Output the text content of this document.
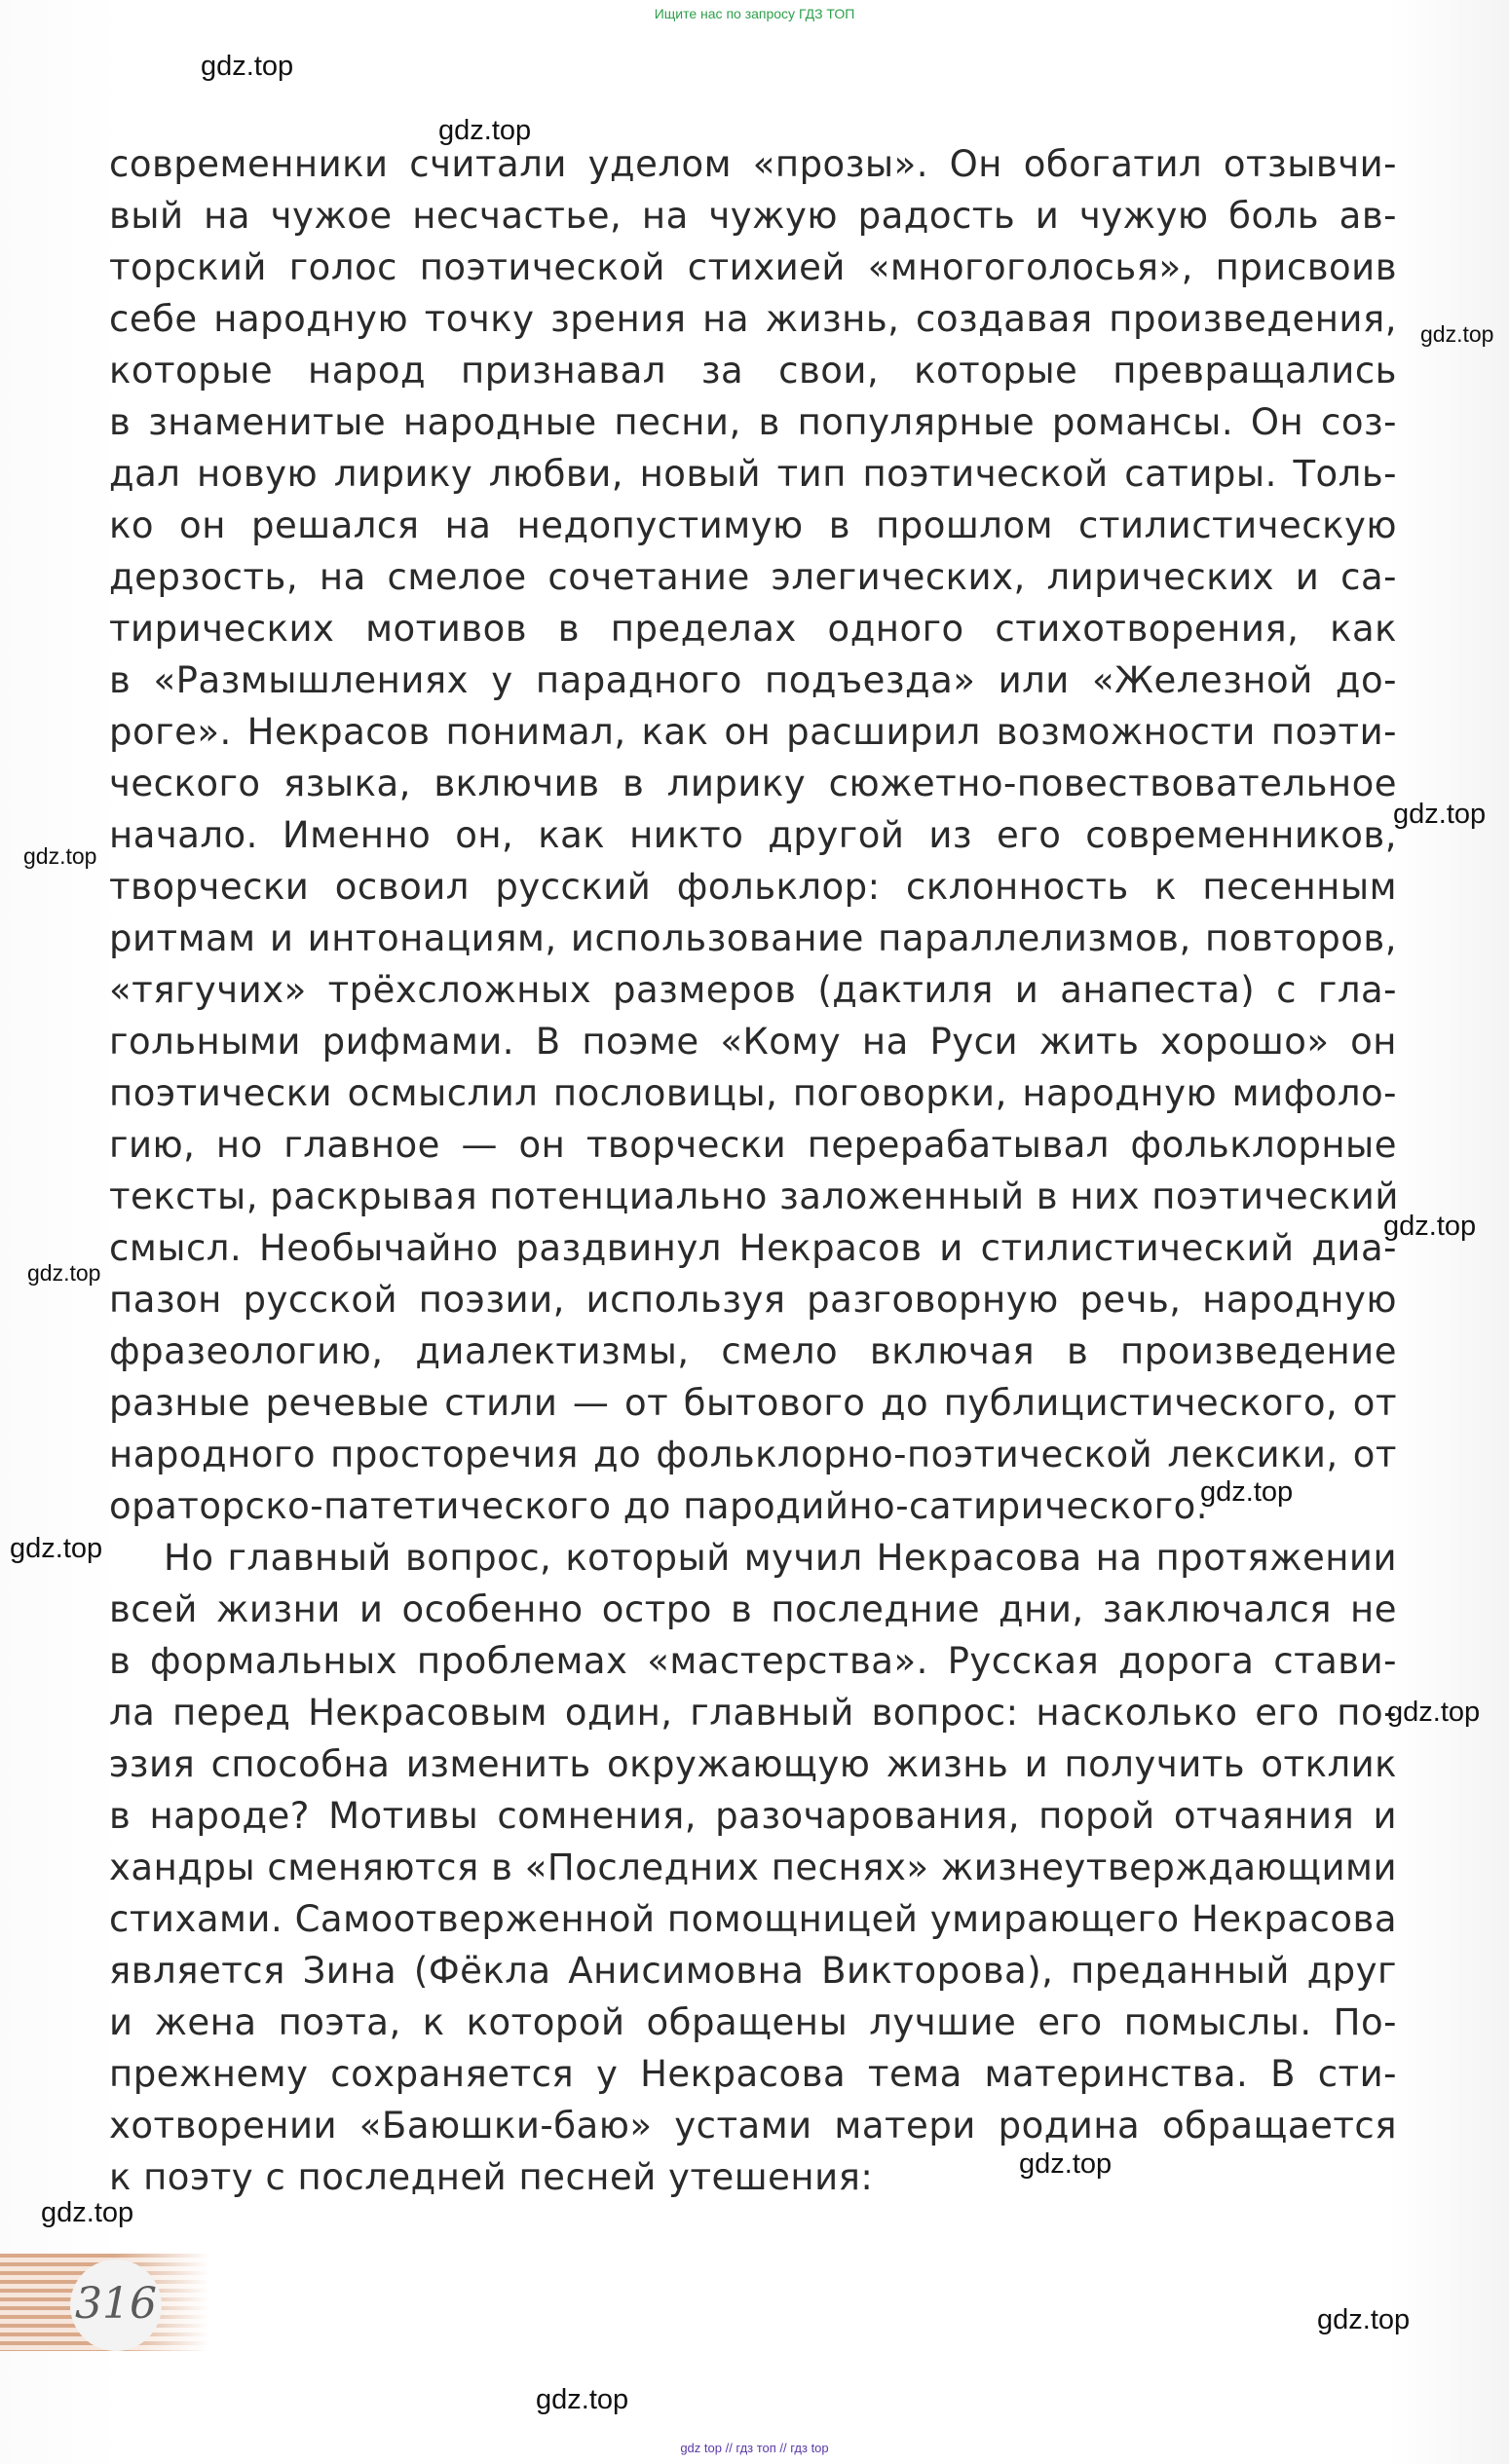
Ищите нас по запросу ГДЗ ТОП
современники считали уделом «прозы». Он обогатил отзывчи-
вый на чужое несчастье, на чужую радость и чужую боль ав-
торский голос поэтической стихией «многоголосья», присвоив
себе народную точку зрения на жизнь, создавая произведения,
которые народ признавал за свои, которые превращались
в знаменитые народные песни, в популярные романсы. Он соз-
дал новую лирику любви, новый тип поэтической сатиры. Толь-
ко он решался на недопустимую в прошлом стилистическую
дерзость, на смелое сочетание элегических, лирических и са-
тирических мотивов в пределах одного стихотворения, как
в «Размышлениях у парадного подъезда» или «Железной до-
роге». Некрасов понимал, как он расширил возможности поэти-
ческого языка, включив в лирику сюжетно-повествовательное
начало. Именно он, как никто другой из его современников,
творчески освоил русский фольклор: склонность к песенным
ритмам и интонациям, использование параллелизмов, повторов,
«тягучих» трёхсложных размеров (дактиля и анапеста) с гла-
гольными рифмами. В поэме «Кому на Руси жить хорошо» он
поэтически осмыслил пословицы, поговорки, народную мифоло-
гию, но главное — он творчески перерабатывал фольклорные
тексты, раскрывая потенциально заложенный в них поэтический
смысл. Необычайно раздвинул Некрасов и стилистический диа-
пазон русской поэзии, используя разговорную речь, народную
фразеологию, диалектизмы, смело включая в произведение
разные речевые стили — от бытового до публицистического, от
народного просторечия до фольклорно-поэтической лексики, от
ораторско-патетического до пародийно-сатирического.
Но главный вопрос, который мучил Некрасова на протяжении
всей жизни и особенно остро в последние дни, заключался не
в формальных проблемах «мастерства». Русская дорога стави-
ла перед Некрасовым один, главный вопрос: насколько его по-
эзия способна изменить окружающую жизнь и получить отклик
в народе? Мотивы сомнения, разочарования, порой отчаяния и
хандры сменяются в «Последних песнях» жизнеутверждающими
стихами. Самоотверженной помощницей умирающего Некрасова
является Зина (Фёкла Анисимовна Викторова), преданный друг
и жена поэта, к которой обращены лучшие его помыслы. По-
прежнему сохраняется у Некрасова тема материнства. В сти-
хотворении «Баюшки-баю» устами матери родина обращается
к поэту с последней песней утешения:
316
gdz.top
gdz.top
gdz.top
gdz.top
gdz.top
gdz.top
gdz.top
gdz.top
gdz.top
gdz.top
gdz.top
gdz.top
gdz.top
gdz.top
gdz top // гдз топ // гдз top
